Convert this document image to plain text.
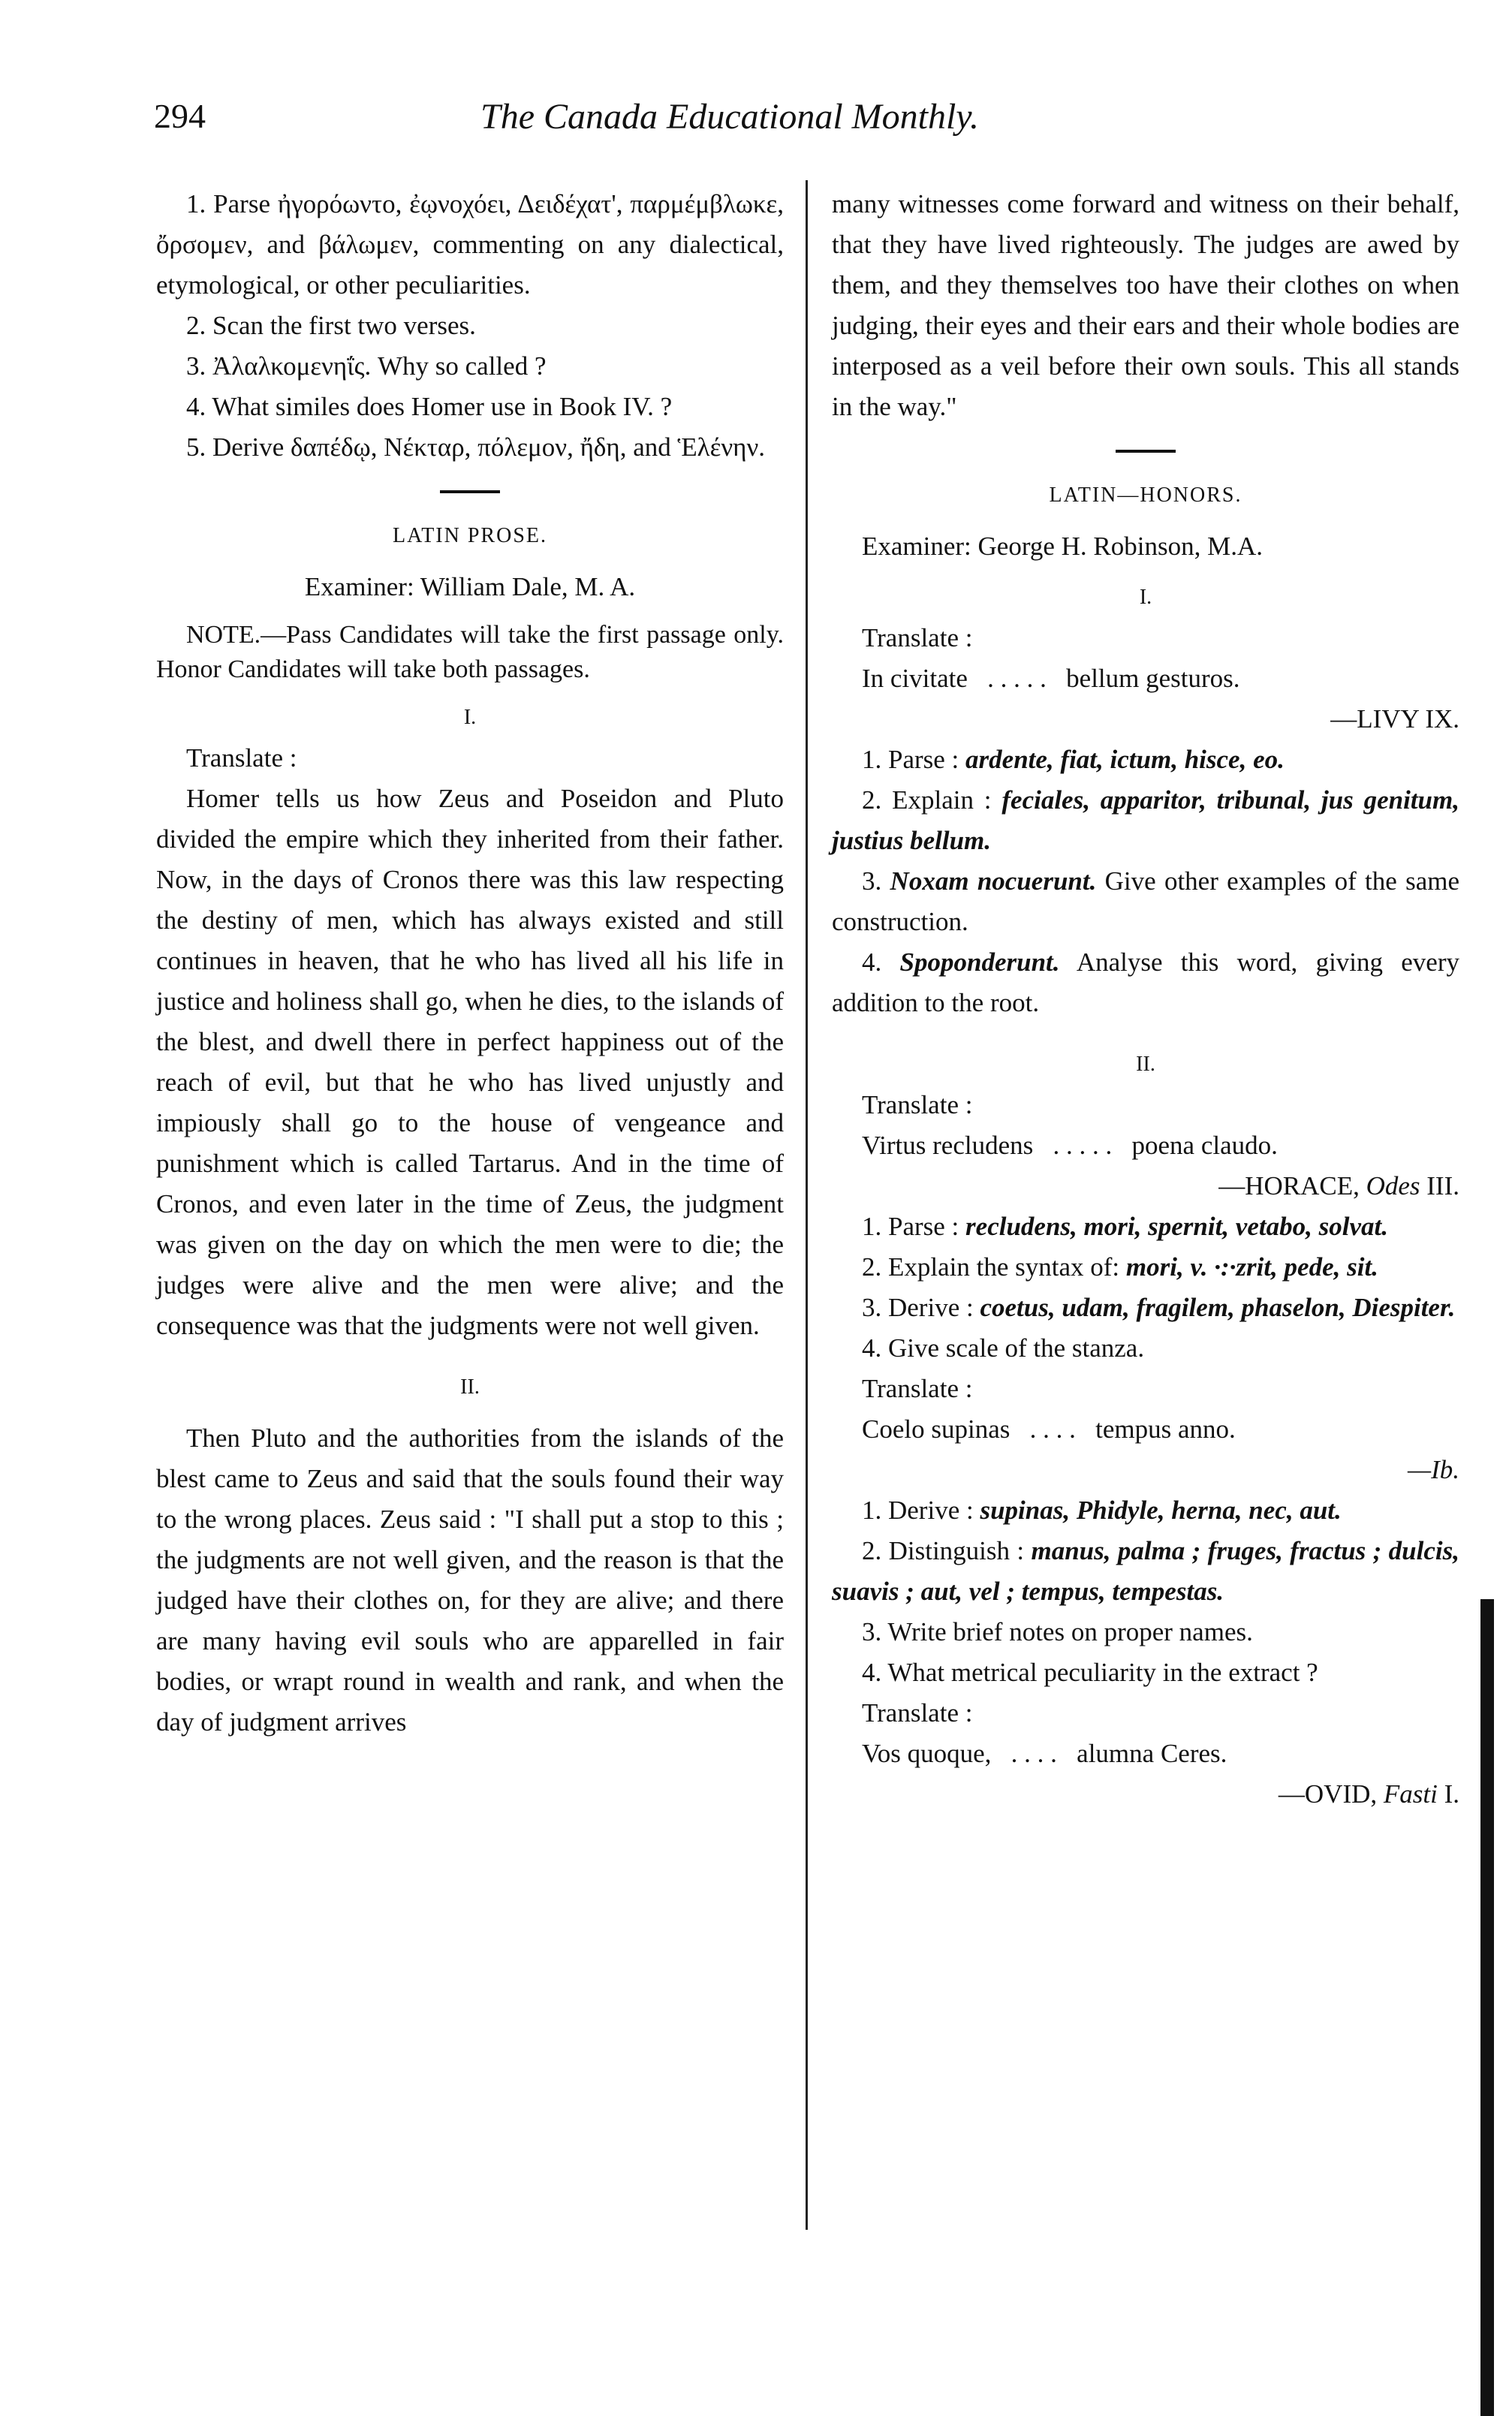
294	The Canada Educational Monthly.

1. Parse ἠγορόωντο, ἐῳνοχόει, Δειδέχατ', παρμέμβλωκε, ὄρσομεν, and βάλωμεν, commenting on any dialectical, etymological, or other peculiarities.

2. Scan the first two verses.

3. Ἀλαλκομενηΐς. Why so called ?

4. What similes does Homer use in Book IV. ?

5. Derive δαπέδῳ, Νέκταρ, πόλεμον, ἤδη, and Ἑλένην.

LATIN PROSE.

Examiner: William Dale, M. A.

NOTE.—Pass Candidates will take the first passage only. Honor Candidates will take both passages.

I.

Translate :

Homer tells us how Zeus and Poseidon and Pluto divided the empire which they inherited from their father. Now, in the days of Cronos there was this law respecting the destiny of men, which has always existed and still continues in heaven, that he who has lived all his life in justice and holiness shall go, when he dies, to the islands of the blest, and dwell there in perfect happiness out of the reach of evil, but that he who has lived unjustly and impiously shall go to the house of vengeance and punishment which is called Tartarus. And in the time of Cronos, and even later in the time of Zeus, the judgment was given on the day on which the men were to die; the judges were alive and the men were alive; and the consequence was that the judgments were not well given.

II.

Then Pluto and the authorities from the islands of the blest came to Zeus and said that the souls found their way to the wrong places. Zeus said : "I shall put a stop to this ; the judgments are not well given, and the reason is that the judged have their clothes on, for they are alive; and there are many having evil souls who are apparelled in fair bodies, or wrapt round in wealth and rank, and when the day of judgment arrives

many witnesses come forward and witness on their behalf, that they have lived righteously. The judges are awed by them, and they themselves too have their clothes on when judging, their eyes and their ears and their whole bodies are interposed as a veil before their own souls. This all stands in the way."

LATIN—HONORS.

Examiner: George H. Robinson, M.A.

I.

Translate :

In civitate . . . . . bellum gesturos.

—LIVY IX.

1. Parse : ardente, fiat, ictum, hisce, eo.

2. Explain : feciales, apparitor, tribunal, jus genitum, justius bellum.

3. Noxam nocuerunt. Give other examples of the same construction.

4. Spoponderunt. Analyse this word, giving every addition to the root.

II.

Translate :

Virtus recludens . . . . . poena claudo.

—HORACE, Odes III.

1. Parse : recludens, mori, spernit, vetabo, solvat.

2. Explain the syntax of: mori, v. ·:·zrit, pede, sit.

3. Derive : coetus, udam, fragilem, phaselon, Diespiter.

4. Give scale of the stanza.

Translate :

Coelo supinas . . . . tempus anno.

—Ib.

1. Derive : supinas, Phidyle, herna, nec, aut.

2. Distinguish : manus, palma ; fruges, fractus ; dulcis, suavis ; aut, vel ; tempus, tempestas.

3. Write brief notes on proper names.

4. What metrical peculiarity in the extract ?

Translate :

Vos quoque, . . . . alumna Ceres.

—OVID, Fasti I.
